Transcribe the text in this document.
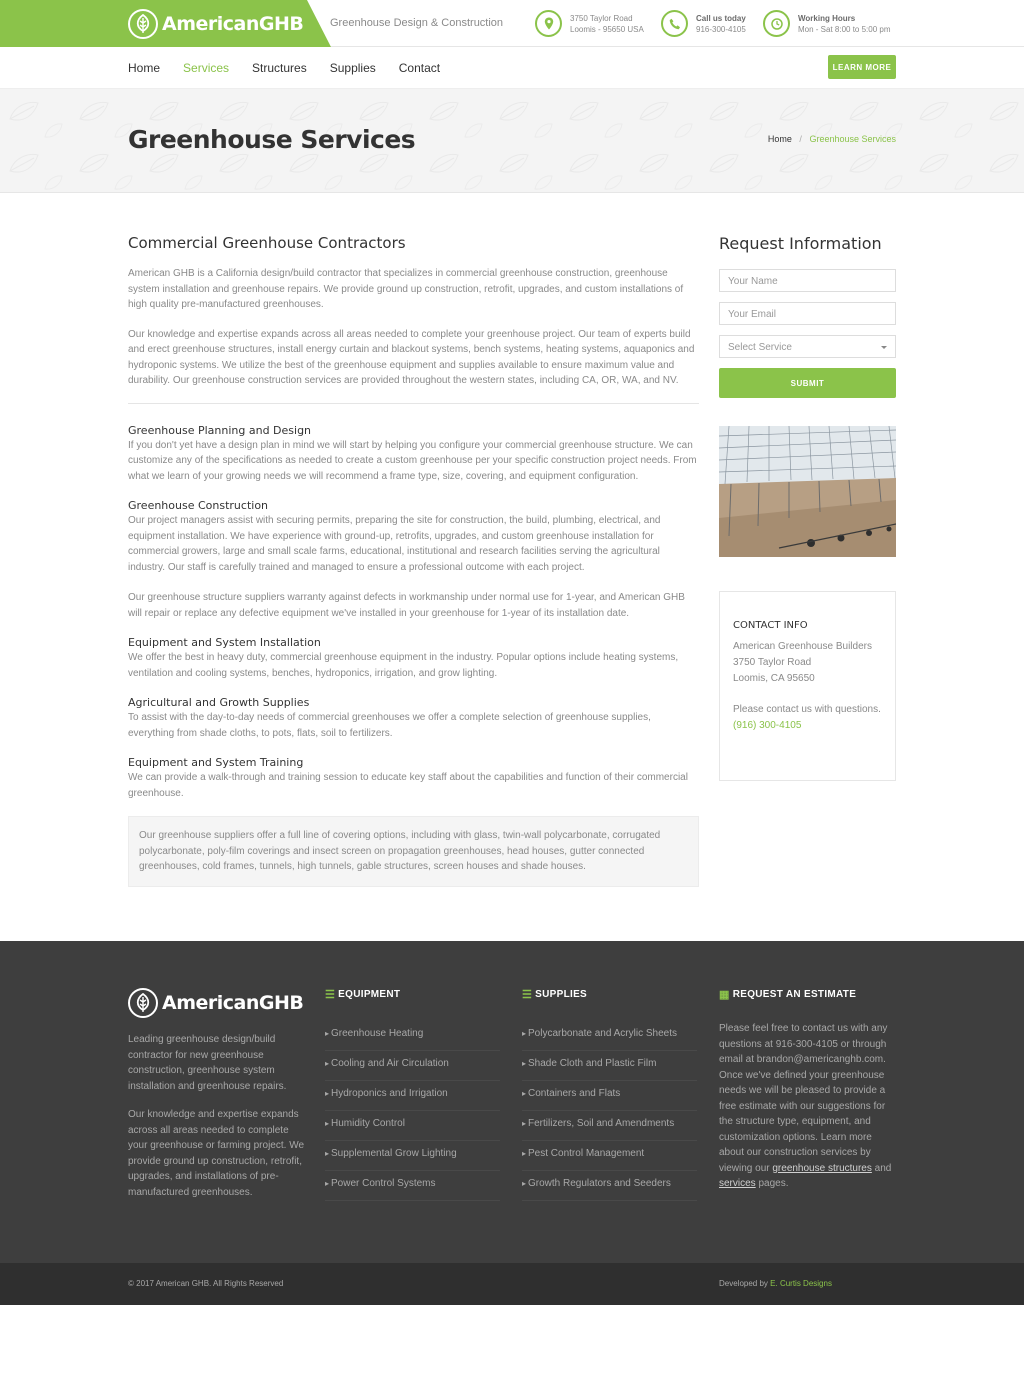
AmericanGHB Greenhouse Design & Construction	3750 Taylor Road
Loomis - 95650 USA
Call us today
916-300-4105
Working Hours
Mon - Sat 8:00 to 5:00 pm
Home Services Structures Supplies Contact	LEARN MORE
Greenhouse Services	Home / Greenhouse Services
Commercial Greenhouse Contractors

American GHB is a California design/build contractor that specializes in commercial greenhouse construction, greenhouse system installation and greenhouse repairs. We provide ground up construction, retrofit, upgrades, and custom installations of high quality pre-manufactured greenhouses.

Our knowledge and expertise expands across all areas needed to complete your greenhouse project. Our team of experts build and erect greenhouse structures, install energy curtain and blackout systems, bench systems, heating systems, aquaponics and hydroponic systems. We utilize the best of the greenhouse equipment and supplies available to ensure maximum value and durability. Our greenhouse construction services are provided throughout the western states, including CA, OR, WA, and NV.

Greenhouse Planning and Design
If you don't yet have a design plan in mind we will start by helping you configure your commercial greenhouse structure. We can customize any of the specifications as needed to create a custom greenhouse per your specific construction project needs. From what we learn of your growing needs we will recommend a frame type, size, covering, and equipment configuration.
Greenhouse Construction
Our project managers assist with securing permits, preparing the site for construction, the build, plumbing, electrical, and equipment installation. We have experience with ground-up, retrofits, upgrades, and custom greenhouse installation for commercial growers, large and small scale farms, educational, institutional and research facilities serving the agricultural industry. Our staff is carefully trained and managed to ensure a professional outcome with each project.
Our greenhouse structure suppliers warranty against defects in workmanship under normal use for 1-year, and American GHB will repair or replace any defective equipment we've installed in your greenhouse for 1-year of its installation date.
Equipment and System Installation
We offer the best in heavy duty, commercial greenhouse equipment in the industry. Popular options include heating systems, ventilation and cooling systems, benches, hydroponics, irrigation, and grow lighting.
Agricultural and Growth Supplies
To assist with the day-to-day needs of commercial greenhouses we offer a complete selection of greenhouse supplies, everything from shade cloths, to pots, flats, soil to fertilizers.
Equipment and System Training
We can provide a walk-through and training session to educate key staff about the capabilities and function of their commercial greenhouse.
Our greenhouse suppliers offer a full line of covering options, including with glass, twin-wall polycarbonate, corrugated polycarbonate, poly-film coverings and insect screen on propagation greenhouses, head houses, gutter connected greenhouses, cold frames, tunnels, high tunnels, gable structures, screen houses and shade houses.
Request Information
Your Name
Your Email
Select Service
SUBMIT
CONTACT INFO
American Greenhouse Builders
3750 Taylor Road
Loomis, CA 95650
Please contact us with questions.
(916) 300-4105
AmericanGHB

Leading greenhouse design/build contractor for new greenhouse construction, greenhouse system installation and greenhouse repairs.

Our knowledge and expertise expands across all areas needed to complete your greenhouse or farming project. We provide ground up construction, retrofit, upgrades, and installations of pre-manufactured greenhouses.

☰ EQUIPMENT
▸ Greenhouse Heating
▸ Cooling and Air Circulation
▸ Hydroponics and Irrigation
▸ Humidity Control
▸ Supplemental Grow Lighting
▸ Power Control Systems
☰ SUPPLIES
▸ Polycarbonate and Acrylic Sheets
▸ Shade Cloth and Plastic Film
▸ Containers and Flats
▸ Fertilizers, Soil and Amendments
▸ Pest Control Management
▸ Growth Regulators and Seeders
▦ REQUEST AN ESTIMATE

Please feel free to contact us with any questions at 916-300-4105 or through email at brandon@americanghb.com. Once we've defined your greenhouse needs we will be pleased to provide a free estimate with our suggestions for the structure type, equipment, and customization options. Learn more about our construction services by viewing our greenhouse structures and services pages.

© 2017 American GHB. All Rights Reserved	Developed by E. Curtis Designs
